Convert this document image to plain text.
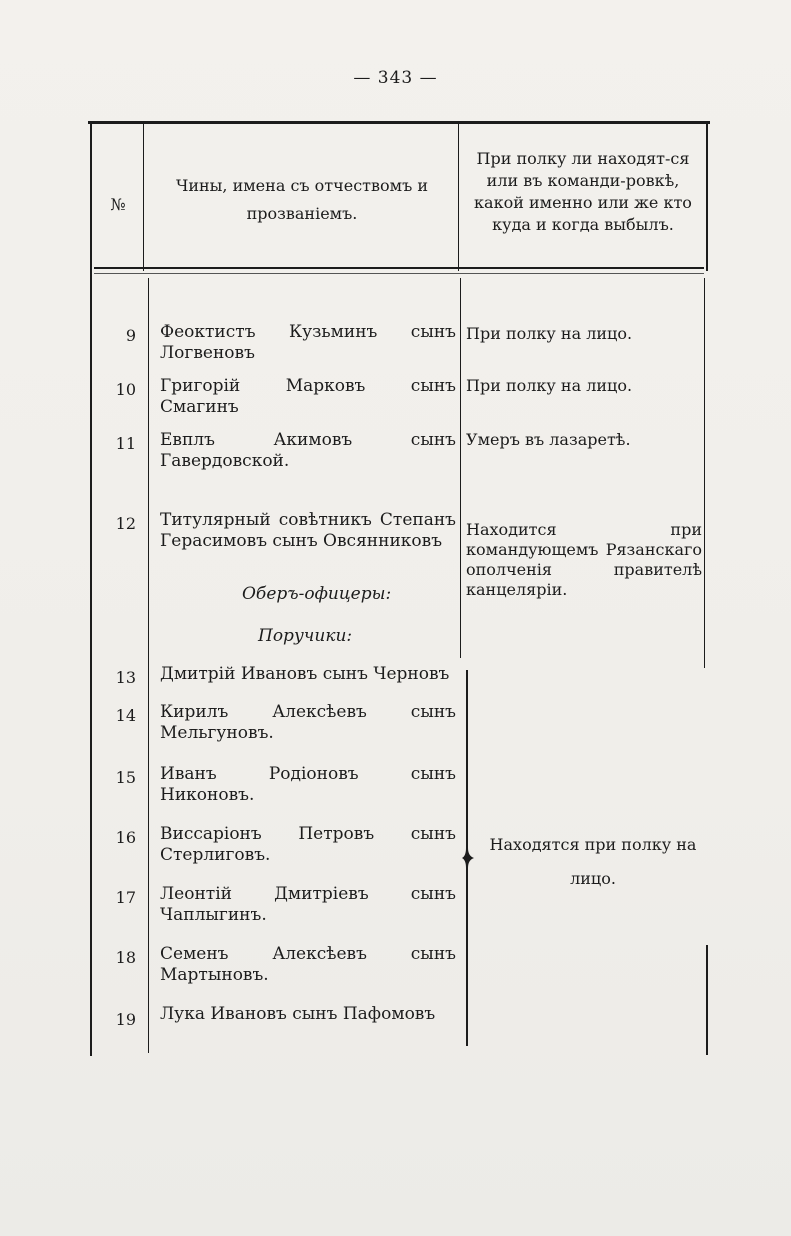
— 343 —
№
Чины, имена съ отчествомъ и прозваніемъ.
При полку ли находят-ся или въ команди-ровкѣ, какой именно или же кто куда и когда выбылъ.
9 Феоктистъ Кузьминъ сынъ Логвеновъ
При полку на лицо.
10 Григорій Марковъ сынъ Смагинъ
При полку на лицо.
11 Евплъ Акимовъ сынъ Гавердовской.
Умеръ въ лазаретѣ.
12 Титулярный совѣтникъ Степанъ Герасимовъ сынъ Овсянниковъ
Находится при командующемъ Рязанскаго ополченія правителѣ канцеляріи.
Оберъ-офицеры:
Поручики:
13 Дмитрій Ивановъ сынъ Черновъ
14 Кирилъ Алексѣевъ сынъ Мельгуновъ.
15 Иванъ Родіоновъ сынъ Никоновъ.
16 Виссаріонъ Петровъ сынъ Стерлиговъ.
17 Леонтій Дмитріевъ сынъ Чаплыгинъ.
18 Семенъ Алексѣевъ сынъ Мартыновъ.
19 Лука Ивановъ сынъ Пафомовъ
Находятся при полку на лицо.
